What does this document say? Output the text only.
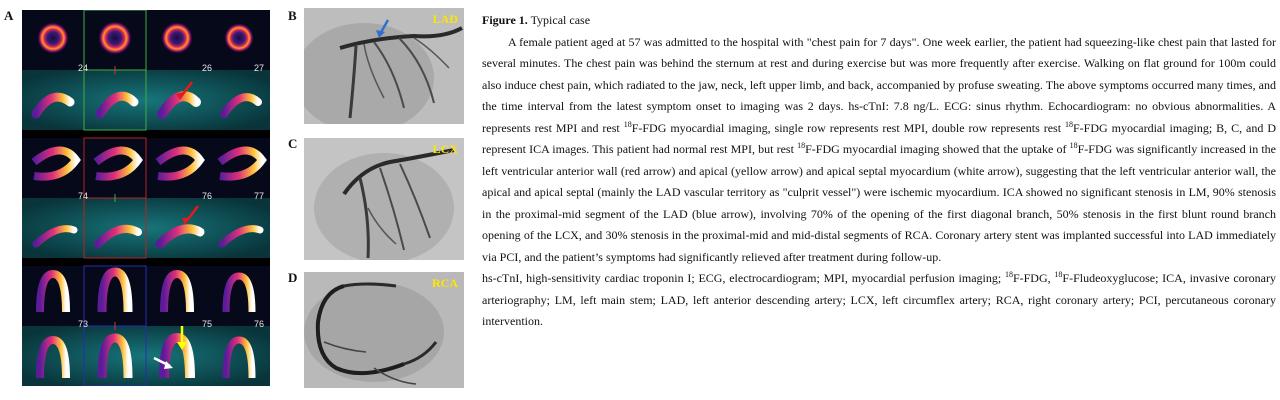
A
24	26	27
74	76	77
73	75	76
B	LAD
C	LCX
D	RCA

Figure 1. Typical case

A female patient aged at 57 was admitted to the hospital with "chest pain for 7 days". One week earlier, the patient had squeezing-like chest pain that lasted for several minutes. The chest pain was behind the sternum at rest and during exercise but was more frequently after exercise. Walking on flat ground for 100m could also induce chest pain, which radiated to the jaw, neck, left upper limb, and back, accompanied by profuse sweating. The above symptoms occurred many times, and the time interval from the latest symptom onset to imaging was 2 days. hs-cTnI: 7.8 ng/L. ECG: sinus rhythm. Echocardiogram: no obvious abnormalities. A represents rest MPI and rest $^{18}$F-FDG myocardial imaging, single row represents rest MPI, double row represents rest $^{18}$F-FDG myocardial imaging; B, C, and D represent ICA images. This patient had normal rest MPI, but rest $^{18}$F-FDG myocardial imaging showed that the uptake of $^{18}$F-FDG was significantly increased in the left ventricular anterior wall (red arrow) and apical (yellow arrow) and apical septal myocardium (white arrow), suggesting that the left ventricular anterior wall, the apical and apical septal (mainly the LAD vascular territory as "culprit vessel") were ischemic myocardium. ICA showed no significant stenosis in LM, 90% stenosis in the proximal-mid segment of the LAD (blue arrow), involving 70% of the opening of the first diagonal branch, 50% stenosis in the first blunt round branch opening of the LCX, and 30% stenosis in the proximal-mid and mid-distal segments of RCA. Coronary artery stent was implanted successful into LAD immediately via PCI, and the patient’s symptoms had significantly relieved after treatment during follow-up.

hs-cTnI, high-sensitivity cardiac troponin I; ECG, electrocardiogram; MPI, myocardial perfusion imaging; $^{18}$F-FDG, $^{18}$F-Fludeoxyglucose; ICA, invasive coronary arteriography; LM, left main stem; LAD, left anterior descending artery; LCX, left circumflex artery; RCA, right coronary artery; PCI, percutaneous coronary intervention.
